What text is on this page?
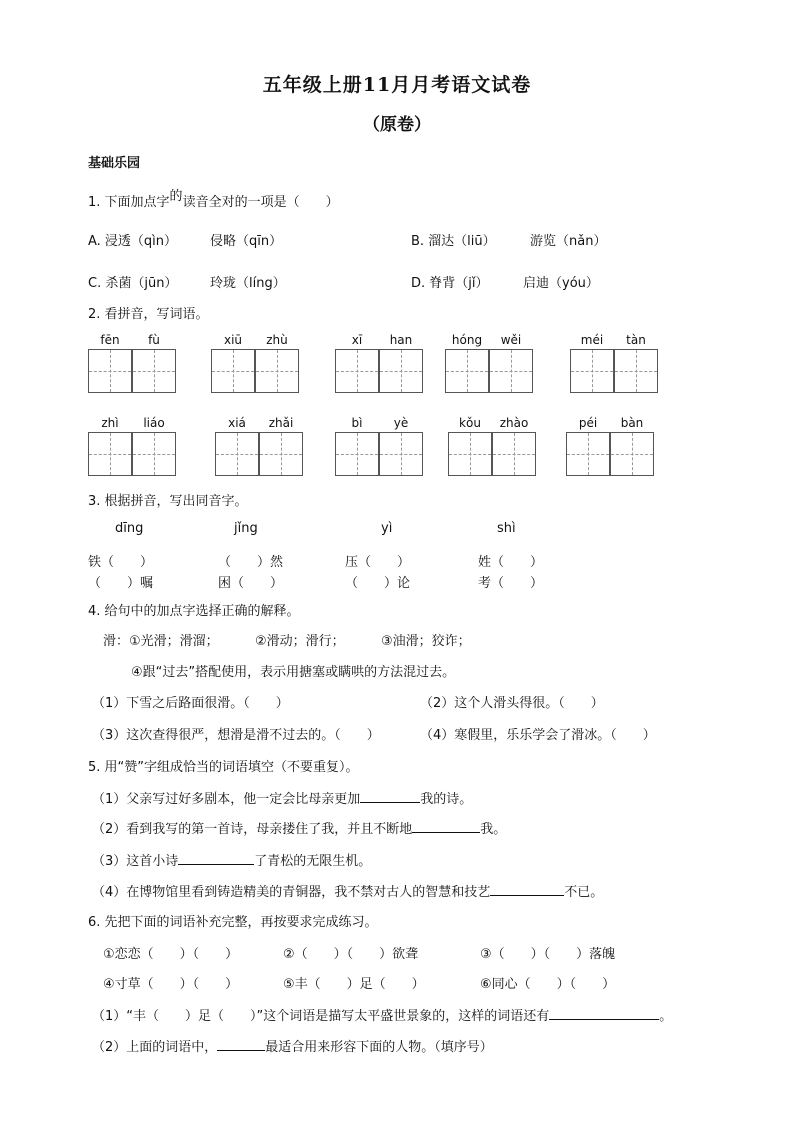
五年级上册11月月考语文试卷
（原卷）
基础乐园
1. 下面加点字的读音全对的一项是（　　）
A. 浸透（qìn）	侵略（qīn）	B. 溜达（liū）	游览（nǎn）
C. 杀菌（jūn）	玲珑（líng）	D. 脊背（jǐ）	启迪（yóu）
2. 看拼音，写词语。
fēn	fù	xiū	zhù	xī	han	hóng	wěi	méi	tàn
zhì	liáo	xiá	zhǎi	bì	yè	kǒu	zhào	péi	bàn
3. 根据拼音，写出同音字。
dīng	jǐng	yì	shì
铁（　　）	（　　）然	压（　　）	姓（　　）
（　　）嘱	困（　　）	（　　）论	考（　　）
4. 给句中的加点字选择正确的解释。
滑：①光滑；滑溜；	②滑动；滑行；	③油滑；狡诈；
④跟“过去”搭配使用，表示用搪塞或瞒哄的方法混过去。
（1）下雪之后路面很滑。（　　）	（2）这个人滑头得很。（　　）
（3）这次查得很严，想滑是滑不过去的。（　　）	（4）寒假里，乐乐学会了滑冰。（　　）
5. 用“赞”字组成恰当的词语填空（不要重复）。
（1）父亲写过好多剧本，他一定会比母亲更加	我的诗。
（2）看到我写的第一首诗，母亲搂住了我，并且不断地	我。
（3）这首小诗	了青松的无限生机。
（4）在博物馆里看到铸造精美的青铜器，我不禁对古人的智慧和技艺	不已。
6. 先把下面的词语补充完整，再按要求完成练习。
①恋恋（　　）（　　）	②（　　）（　　）欲聋	③（　　）（　　）落魄
④寸草（　　）（　　）	⑤丰（　　）足（　　）	⑥同心（　　）（　　）
（1）“丰（　　）足（　　）”这个词语是描写太平盛世景象的，这样的词语还有	。
（2）上面的词语中，	最适合用来形容下面的人物。（填序号）
